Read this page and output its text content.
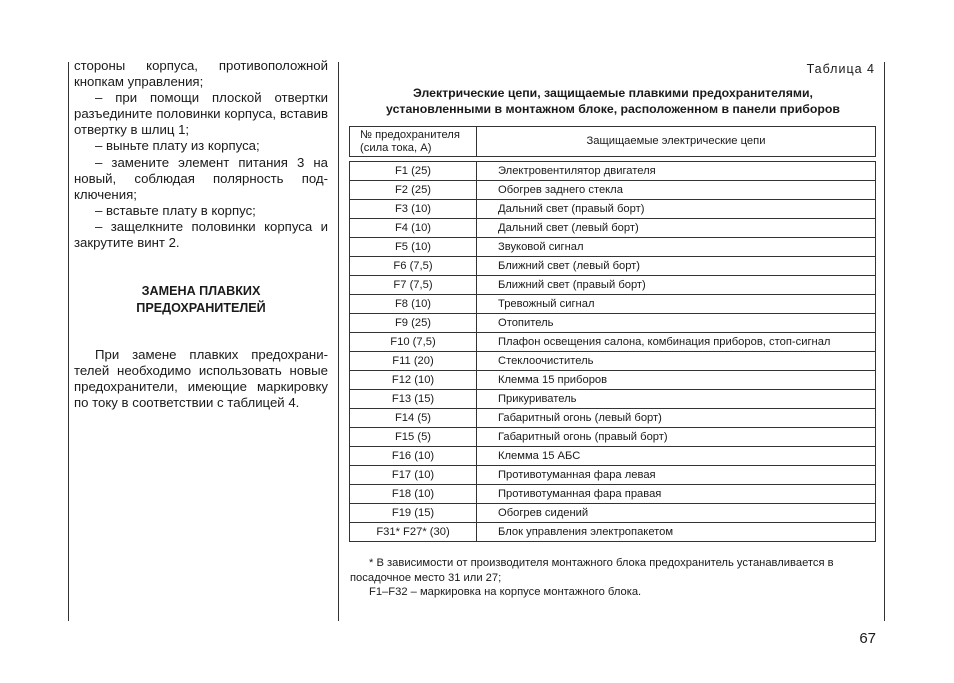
стороны корпуса, противоположной кнопкам управления;

– при помощи плоской отвертки разъедините половинки корпуса, вставив отвертку в шлиц 1;

– выньте плату из корпуса;

– замените элемент питания 3 на новый, соблюдая полярность подключения;

– вставьте плату в корпус;

– защелкните половинки корпуса и закрутите винт 2.

ЗАМЕНА ПЛАВКИХ
ПРЕДОХРАНИТЕЛЕЙ

При замене плавких предохранителей необходимо использовать новые предохранители, имеющие маркировку по току в соответствии с таблицей 4.

Таблица 4
Электрические цепи, защищаемые плавкими предохранителями,
установленными в монтажном блоке, расположенном в панели приборов
№ предохранителя
(сила тока, А)	Защищаемые электрические цепи

F1 (25)	Электровентилятор двигателя
F2 (25)	Обогрев заднего стекла
F3 (10)	Дальний свет (правый борт)
F4 (10)	Дальний свет (левый борт)
F5 (10)	Звуковой сигнал
F6 (7,5)	Ближний свет (левый борт)
F7 (7,5)	Ближний свет (правый борт)
F8 (10)	Тревожный сигнал
F9 (25)	Отопитель
F10 (7,5)	Плафон освещения салона, комбинация приборов, стоп-сигнал
F11 (20)	Стеклоочиститель
F12 (10)	Клемма 15 приборов
F13 (15)	Прикуриватель
F14 (5)	Габаритный огонь (левый борт)
F15 (5)	Габаритный огонь (правый борт)
F16 (10)	Клемма 15 АБС
F17 (10)	Противотуманная фара левая
F18 (10)	Противотуманная фара правая
F19 (15)	Обогрев сидений
F31* F27* (30)	Блок управления электропакетом

* В зависимости от производителя монтажного блока предохранитель устанавливается в посадочное место 31 или 27;

F1–F32 – маркировка на корпусе монтажного блока.

67
